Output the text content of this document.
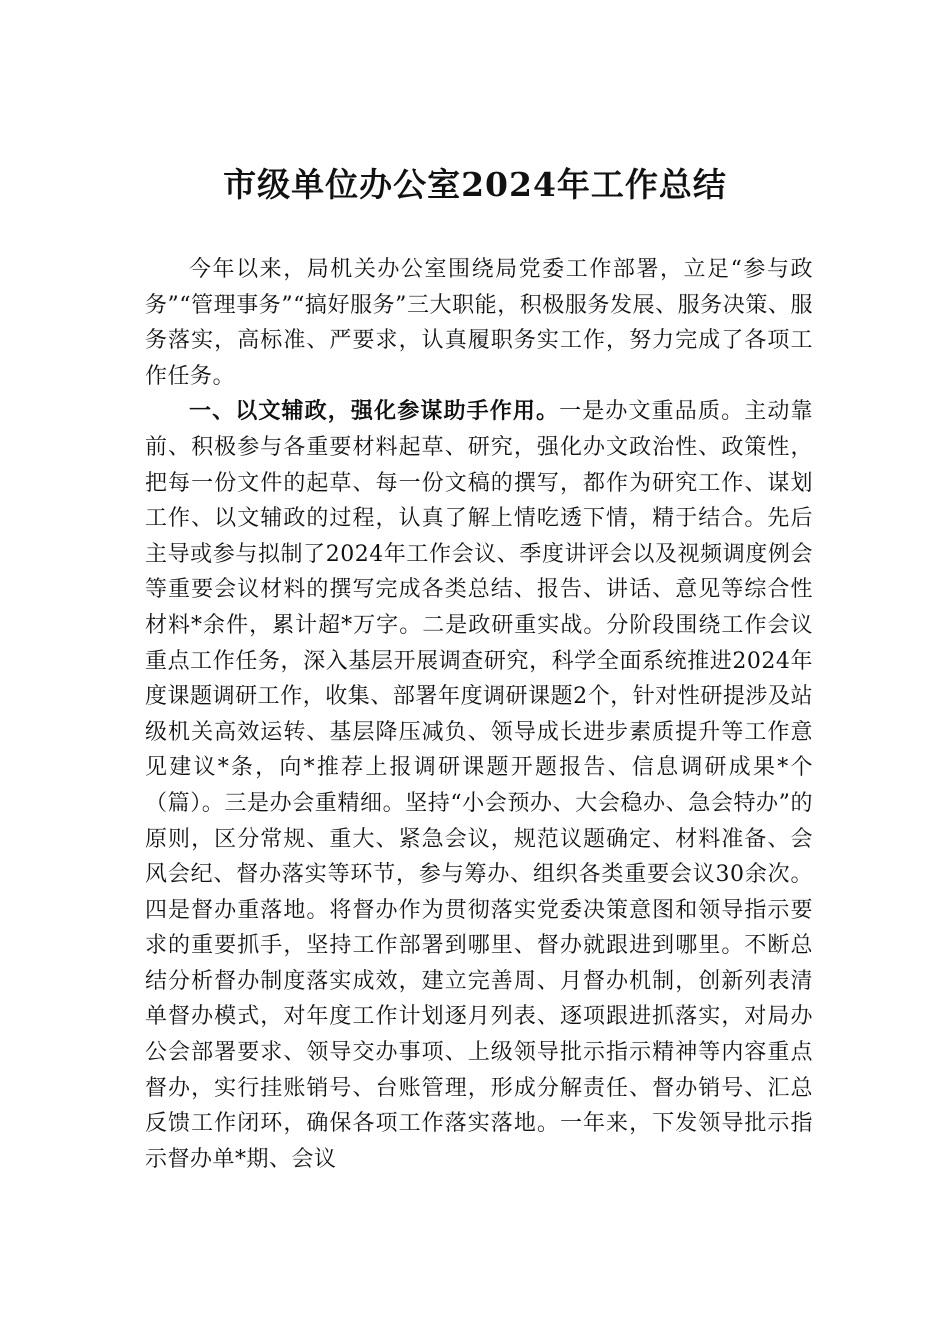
市级单位办公室2024年工作总结

今年以来，局机关办公室围绕局党委工作部署，立足“参与政务”“管理事务”“搞好服务”三大职能，积极服务发展、服务决策、服务落实，高标准、严要求，认真履职务实工作，努力完成了各项工作任务。

一、以文辅政，强化参谋助手作用。一是办文重品质。主动靠前、积极参与各重要材料起草、研究，强化办文政治性、政策性，把每一份文件的起草、每一份文稿的撰写，都作为研究工作、谋划工作、以文辅政的过程，认真了解上情吃透下情，精于结合。先后主导或参与拟制了2024年工作会议、季度讲评会以及视频调度例会等重要会议材料的撰写完成各类总结、报告、讲话、意见等综合性材料*余件，累计超*万字。二是政研重实战。分阶段围绕工作会议重点工作任务，深入基层开展调查研究，科学全面系统推进2024年度课题调研工作，收集、部署年度调研课题2个，针对性研提涉及站级机关高效运转、基层降压减负、领导成长进步素质提升等工作意见建议*条，向*推荐上报调研课题开题报告、信息调研成果*个（篇）。三是办会重精细。坚持“小会预办、大会稳办、急会特办”的原则，区分常规、重大、紧急会议，规范议题确定、材料准备、会风会纪、督办落实等环节，参与筹办、组织各类重要会议30余次。四是督办重落地。将督办作为贯彻落实党委决策意图和领导指示要求的重要抓手，坚持工作部署到哪里、督办就跟进到哪里。不断总结分析督办制度落实成效，建立完善周、月督办机制，创新列表清单督办模式，对年度工作计划逐月列表、逐项跟进抓落实，对局办公会部署要求、领导交办事项、上级领导批示指示精神等内容重点督办，实行挂账销号、台账管理，形成分解责任、督办销号、汇总反馈工作闭环，确保各项工作落实落地。一年来，下发领导批示指示督办单*期、会议
